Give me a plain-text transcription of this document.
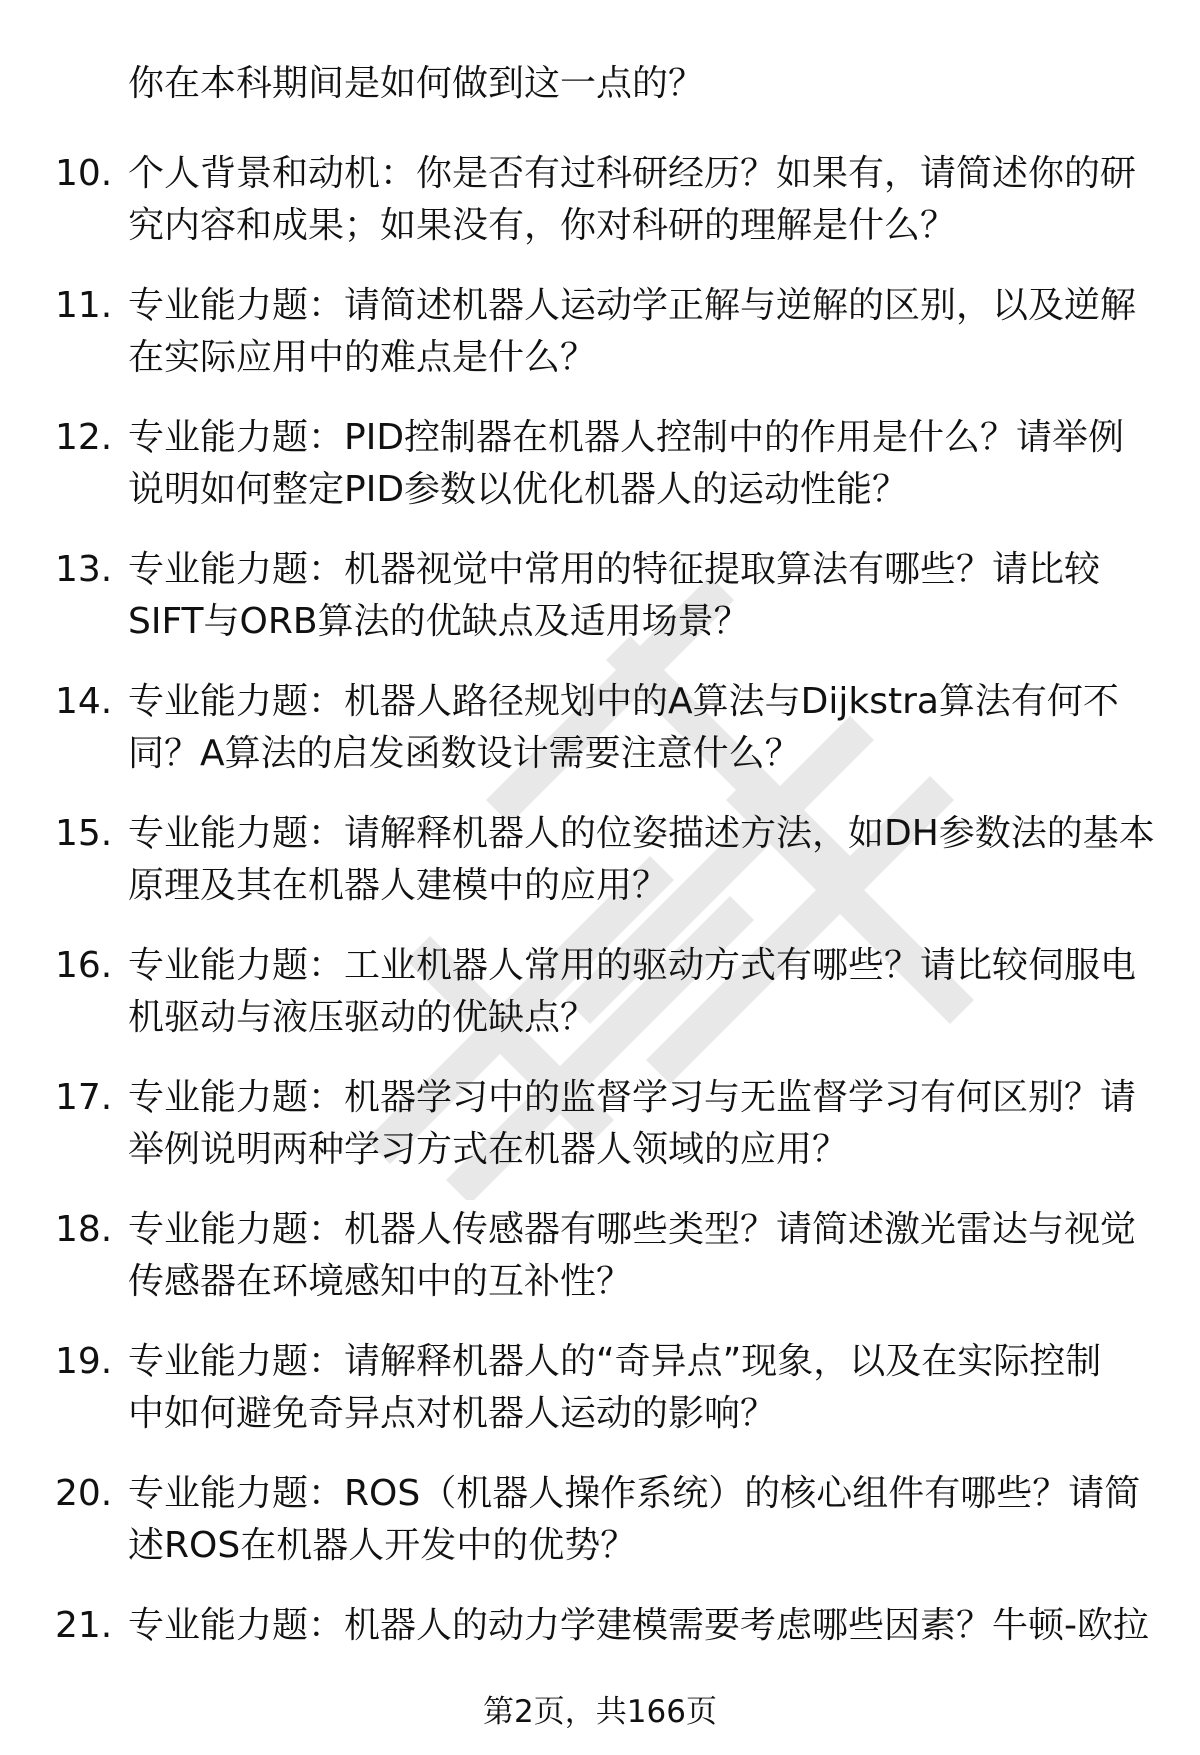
你在本科期间是如何做到这一点的？
10. 个人背景和动机：你是否有过科研经历？如果有，请简述你的研
究内容和成果；如果没有，你对科研的理解是什么？
11. 专业能力题：请简述机器人运动学正解与逆解的区别，以及逆解
在实际应用中的难点是什么？
12. 专业能力题：PID控制器在机器人控制中的作用是什么？请举例
说明如何整定PID参数以优化机器人的运动性能？
13. 专业能力题：机器视觉中常用的特征提取算法有哪些？请比较
SIFT与ORB算法的优缺点及适用场景？
14. 专业能力题：机器人路径规划中的A算法与Dijkstra算法有何不
同？A算法的启发函数设计需要注意什么？
15. 专业能力题：请解释机器人的位姿描述方法，如DH参数法的基本
原理及其在机器人建模中的应用？
16. 专业能力题：工业机器人常用的驱动方式有哪些？请比较伺服电
机驱动与液压驱动的优缺点？
17. 专业能力题：机器学习中的监督学习与无监督学习有何区别？请
举例说明两种学习方式在机器人领域的应用？
18. 专业能力题：机器人传感器有哪些类型？请简述激光雷达与视觉
传感器在环境感知中的互补性？
19. 专业能力题：请解释机器人的“奇异点”现象，以及在实际控制
中如何避免奇异点对机器人运动的影响？
20. 专业能力题：ROS（机器人操作系统）的核心组件有哪些？请简
述ROS在机器人开发中的优势？
21. 专业能力题：机器人的动力学建模需要考虑哪些因素？牛顿-欧拉
第2页，共166页
